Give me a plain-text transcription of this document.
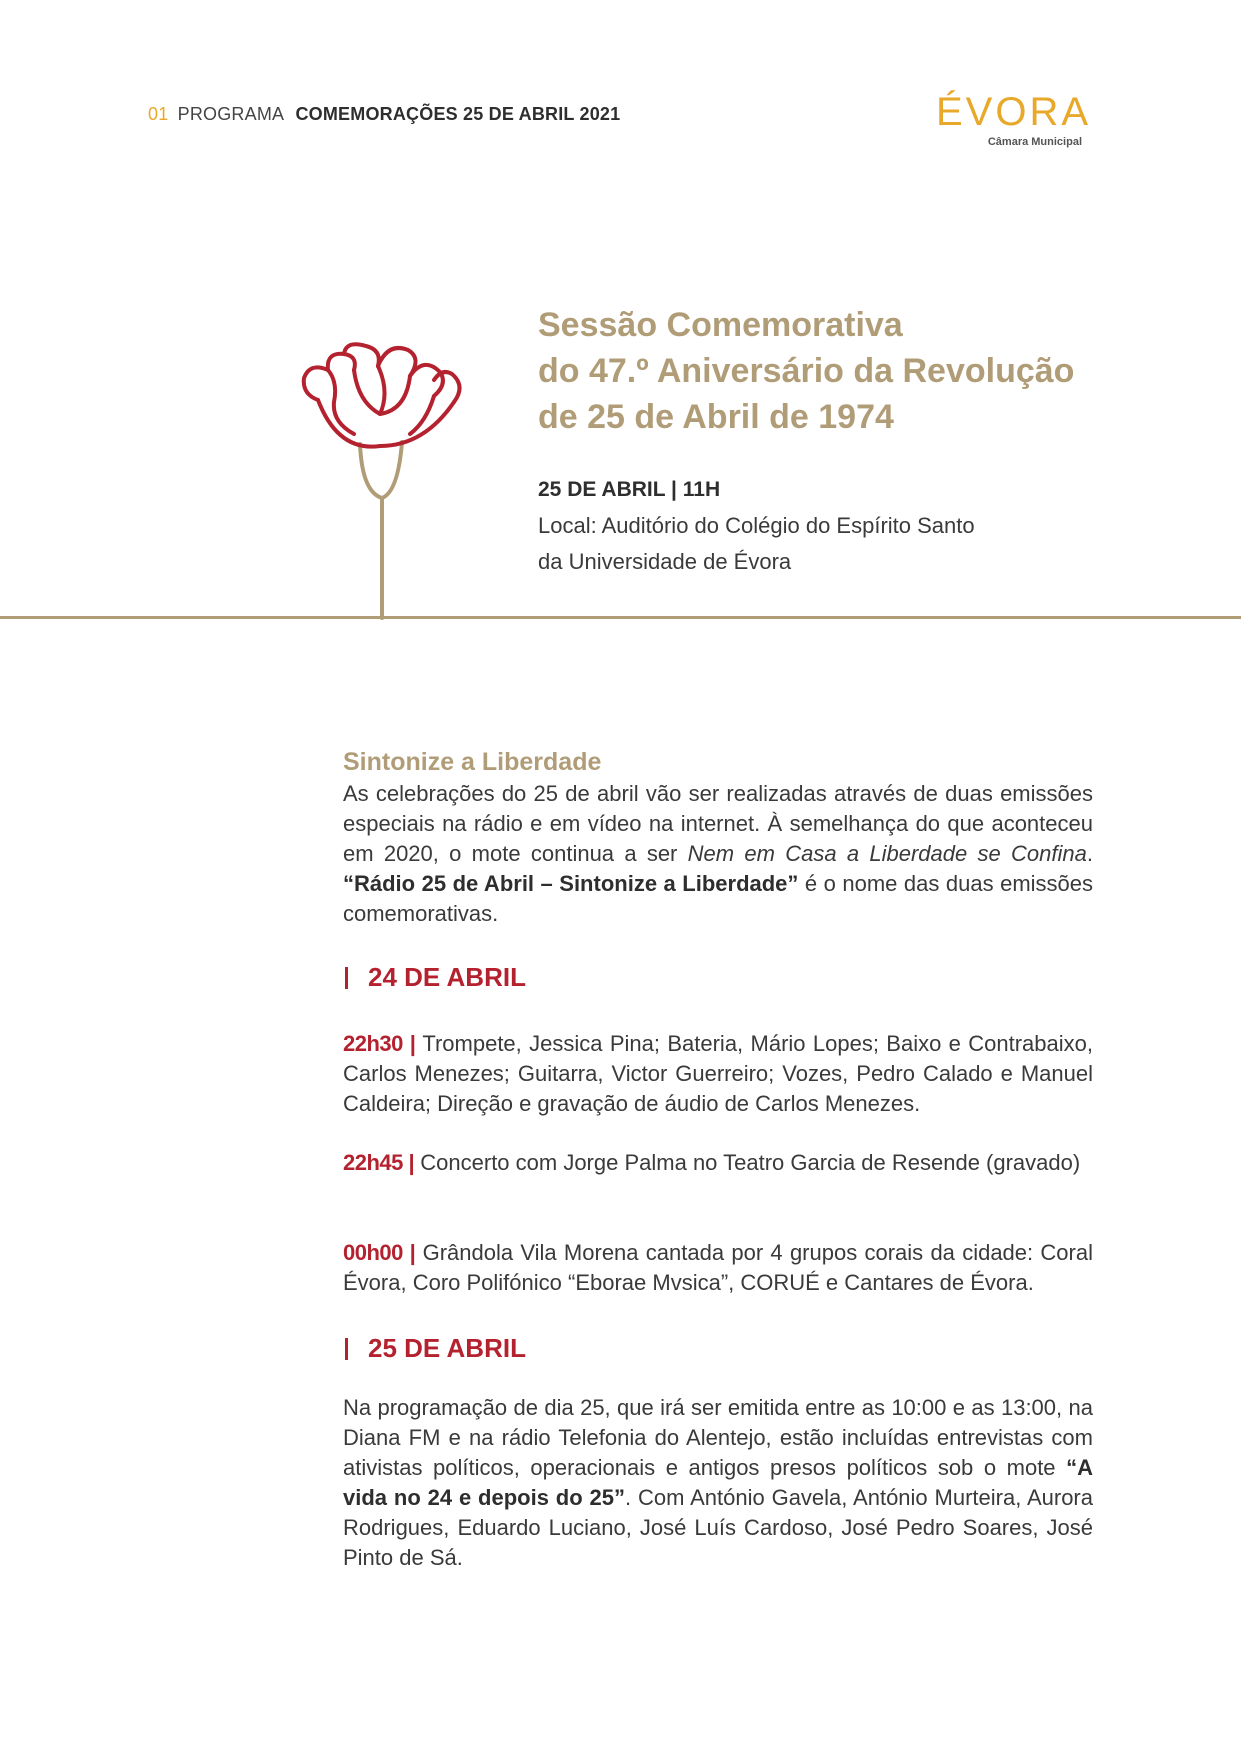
01 PROGRAMA COMEMORAÇÕES 25 DE ABRIL 2021	ÉVORA
Câmara Municipal
Sessão Comemorativa
do 47.º Aniversário da Revolução
de 25 de Abril de 1974

25 DE ABRIL | 11H

Local: Auditório do Colégio do Espírito Santo
da Universidade de Évora

Sintonize a Liberdade

As celebrações do 25 de abril vão ser realizadas através de duas emissões especiais na rádio e em vídeo na internet. À semelhança do que aconteceu em 2020, o mote continua a ser Nem em Casa a Liberdade se Confina. “Rádio 25 de Abril – Sintonize a Liberdade” é o nome das duas emissões comemorativas.

24 DE ABRIL

22h30 | Trompete, Jessica Pina; Bateria, Mário Lopes; Baixo e Contrabaixo, Carlos Menezes; Guitarra, Victor Guerreiro; Vozes, Pedro Calado e Manuel Caldeira; Direção e gravação de áudio de Carlos Menezes.

22h45 | Concerto com Jorge Palma no Teatro Garcia de Resende (gravado)

00h00 | Grândola Vila Morena cantada por 4 grupos corais da cidade: Coral Évora, Coro Polifónico “Eborae Mvsica”, CORUÉ e Cantares de Évora.

25 DE ABRIL

Na programação de dia 25, que irá ser emitida entre as 10:00 e as 13:00, na Diana FM e na rádio Telefonia do Alentejo, estão incluídas entrevistas com ativistas políticos, operacionais e antigos presos políticos sob o mote “A vida no 24 e depois do 25”. Com António Gavela, António Murteira, Aurora Rodrigues, Eduardo Luciano, José Luís Cardoso, José Pedro Soares, José Pinto de Sá.
